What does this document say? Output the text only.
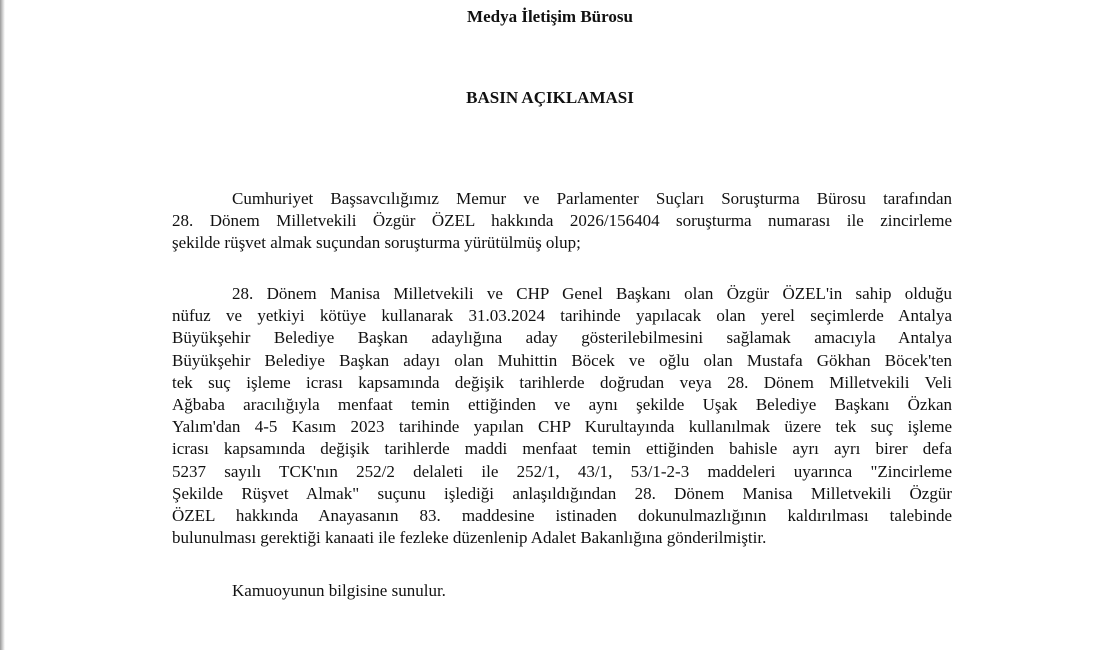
Medya İletişim Bürosu
BASIN AÇIKLAMASI
Cumhuriyet Başsavcılığımız Memur ve Parlamenter Suçları Soruşturma Bürosu tarafından
28. Dönem Milletvekili Özgür ÖZEL hakkında 2026/156404 soruşturma numarası ile zincirleme
şekilde rüşvet almak suçundan soruşturma yürütülmüş olup;
28. Dönem Manisa Milletvekili ve CHP Genel Başkanı olan Özgür ÖZEL'in sahip olduğu
nüfuz ve yetkiyi kötüye kullanarak 31.03.2024 tarihinde yapılacak olan yerel seçimlerde Antalya
Büyükşehir Belediye Başkan adaylığına aday gösterilebilmesini sağlamak amacıyla Antalya
Büyükşehir Belediye Başkan adayı olan Muhittin Böcek ve oğlu olan Mustafa Gökhan Böcek'ten
tek suç işleme icrası kapsamında değişik tarihlerde doğrudan veya 28. Dönem Milletvekili Veli
Ağbaba aracılığıyla menfaat temin ettiğinden ve aynı şekilde Uşak Belediye Başkanı Özkan
Yalım'dan 4-5 Kasım 2023 tarihinde yapılan CHP Kurultayında kullanılmak üzere tek suç işleme
icrası kapsamında değişik tarihlerde maddi menfaat temin ettiğinden bahisle ayrı ayrı birer defa
5237 sayılı TCK'nın 252/2 delaleti ile 252/1, 43/1, 53/1-2-3 maddeleri uyarınca "Zincirleme
Şekilde Rüşvet Almak" suçunu işlediği anlaşıldığından 28. Dönem Manisa Milletvekili Özgür
ÖZEL hakkında Anayasanın 83. maddesine istinaden dokunulmazlığının kaldırılması talebinde
bulunulması gerektiği kanaati ile fezleke düzenlenip Adalet Bakanlığına gönderilmiştir.
Kamuoyunun bilgisine sunulur.
